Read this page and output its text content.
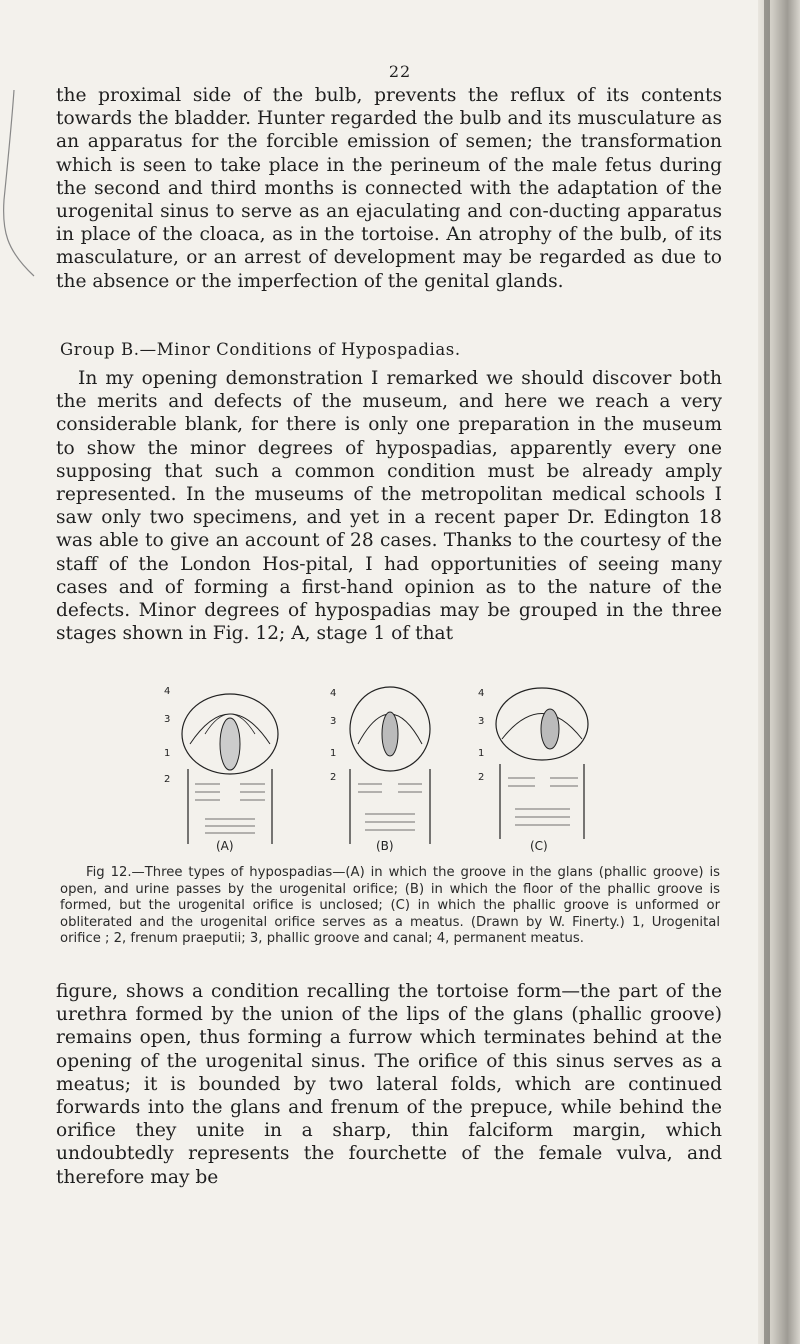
22

the proximal side of the bulb, prevents the reflux of its contents towards the bladder. Hunter regarded the bulb and its musculature as an apparatus for the forcible emission of semen; the transformation which is seen to take place in the perineum of the male fetus during the second and third months is connected with the adaptation of the urogenital sinus to serve as an ejaculating and con-ducting apparatus in place of the cloaca, as in the tortoise. An atrophy of the bulb, of its masculature, or an arrest of development may be regarded as due to the absence or the imperfection of the genital glands.

Group B.—Minor Conditions of Hypospadias.

In my opening demonstration I remarked we should discover both the merits and defects of the museum, and here we reach a very considerable blank, for there is only one preparation in the museum to show the minor degrees of hypospadias, apparently every one supposing that such a common condition must be already amply represented. In the museums of the metropolitan medical schools I saw only two specimens, and yet in a recent paper Dr. Edington 18 was able to give an account of 28 cases. Thanks to the courtesy of the staff of the London Hos-pital, I had opportunities of seeing many cases and of forming a first-hand opinion as to the nature of the defects. Minor degrees of hypospadias may be grouped in the three stages shown in Fig. 12; A, stage 1 of that

4
3
1
2
(A)
4
3
1
2
(B)
4
3
1
2
(C)

Fig 12.—Three types of hypospadias—(A) in which the groove in the glans (phallic groove) is open, and urine passes by the urogenital orifice; (B) in which the floor of the phallic groove is formed, but the urogenital orifice is unclosed; (C) in which the phallic groove is unformed or obliterated and the urogenital orifice serves as a meatus. (Drawn by W. Finerty.) 1, Urogenital orifice ; 2, frenum praeputii; 3, phallic groove and canal; 4, permanent meatus.

figure, shows a condition recalling the tortoise form—the part of the urethra formed by the union of the lips of the glans (phallic groove) remains open, thus forming a furrow which terminates behind at the opening of the urogenital sinus. The orifice of this sinus serves as a meatus; it is bounded by two lateral folds, which are continued forwards into the glans and frenum of the prepuce, while behind the orifice they unite in a sharp, thin falciform margin, which undoubtedly represents the fourchette of the female vulva, and therefore may be
